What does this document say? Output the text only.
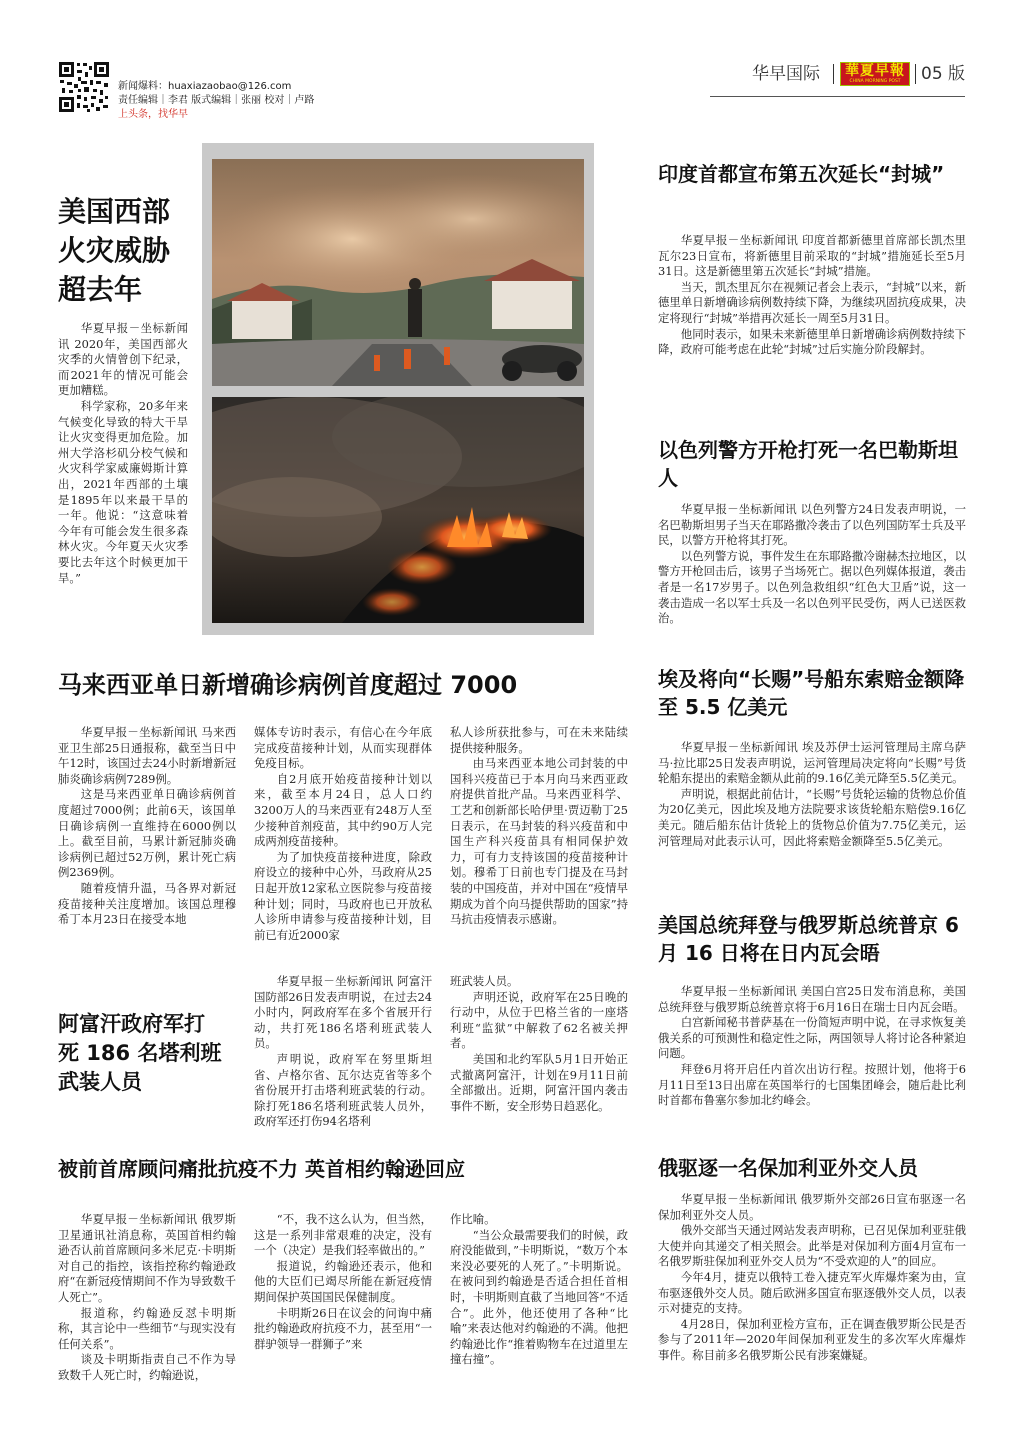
新闻爆料：huaxiazaobao@126.com
责任编辑｜李君 版式编辑｜张丽 校对｜卢路
上头条，找华早
华早国际 華夏早報
CHINA MORNING POST	05 版
美国西部
火灾威胁
超去年

华夏早报－坐标新闻讯 2020年，美国西部火灾季的火情曾创下纪录，而2021年的情况可能会更加糟糕。

科学家称，20多年来气候变化导致的特大干旱让火灾变得更加危险。加州大学洛杉矶分校气候和火灾科学家威廉姆斯计算出，2021年西部的土壤是1895年以来最干旱的一年。他说：“这意味着今年有可能会发生很多森林火灾。今年夏天火灾季要比去年这个时候更加干旱。”

印度首都宣布第五次延长“封城”

华夏早报－坐标新闻讯 印度首都新德里首席部长凯杰里瓦尔23日宣布，将新德里目前采取的“封城”措施延长至5月31日。这是新德里第五次延长“封城”措施。

当天，凯杰里瓦尔在视频记者会上表示，“封城”以来，新德里单日新增确诊病例数持续下降，为继续巩固抗疫成果，决定将现行“封城”举措再次延长一周至5月31日。

他同时表示，如果未来新德里单日新增确诊病例数持续下降，政府可能考虑在此轮“封城”过后实施分阶段解封。

以色列警方开枪打死一名巴勒斯坦人

华夏早报－坐标新闻讯 以色列警方24日发表声明说，一名巴勒斯坦男子当天在耶路撒冷袭击了以色列国防军士兵及平民，以警方开枪将其打死。

以色列警方说，事件发生在东耶路撒冷谢赫杰拉地区，以警方开枪回击后，该男子当场死亡。据以色列媒体报道，袭击者是一名17岁男子。以色列急救组织“红色大卫盾”说，这一袭击造成一名以军士兵及一名以色列平民受伤，两人已送医救治。

马来西亚单日新增确诊病例首度超过 7000

华夏早报－坐标新闻讯 马来西亚卫生部25日通报称，截至当日中午12时，该国过去24小时新增新冠肺炎确诊病例7289例。

这是马来西亚单日确诊病例首度超过7000例；此前6天，该国单日确诊病例一直维持在6000例以上。截至目前，马累计新冠肺炎确诊病例已超过52万例，累计死亡病例2369例。

随着疫情升温，马各界对新冠疫苗接种关注度增加。该国总理穆希丁本月23日在接受本地

媒体专访时表示，有信心在今年底完成疫苗接种计划，从而实现群体免疫目标。

自2月底开始疫苗接种计划以来，截至本月24日，总人口约3200万人的马来西亚有248万人至少接种首剂疫苗，其中约90万人完成两剂疫苗接种。

为了加快疫苗接种进度，除政府设立的接种中心外，马政府从25日起开放12家私立医院参与疫苗接种计划；同时，马政府也已开放私人诊所申请参与疫苗接种计划，目前已有近2000家

私人诊所获批参与，可在未来陆续提供接种服务。

由马来西亚本地公司封装的中国科兴疫苗已于本月向马来西亚政府提供首批产品。马来西亚科学、工艺和创新部长哈伊里·贾迈勒丁25日表示，在马封装的科兴疫苗和中国生产科兴疫苗具有相同保护效力，可有力支持该国的疫苗接种计划。穆希丁日前也专门提及在马封装的中国疫苗，并对中国在“疫情早期成为首个向马提供帮助的国家”持马抗击疫情表示感谢。

埃及将向“长赐”号船东索赔金额降至 5.5 亿美元

华夏早报－坐标新闻讯 埃及苏伊士运河管理局主席乌萨马·拉比耶25日发表声明说，运河管理局决定将向“长赐”号货轮船东提出的索赔金额从此前的9.16亿美元降至5.5亿美元。

声明说，根据此前估计，“长赐”号货轮运输的货物总价值为20亿美元，因此埃及地方法院要求该货轮船东赔偿9.16亿美元。随后船东估计货轮上的货物总价值为7.75亿美元，运河管理局对此表示认可，因此将索赔金额降至5.5亿美元。

阿富汗政府军打
死 186 名塔利班
武装人员

华夏早报－坐标新闻讯 阿富汗国防部26日发表声明说，在过去24小时内，阿政府军在多个省展开行动，共打死186名塔利班武装人员。

声明说，政府军在努里斯坦省、卢格尔省、瓦尔达克省等多个省份展开打击塔利班武装的行动。除打死186名塔利班武装人员外，政府军还打伤94名塔利

班武装人员。

声明还说，政府军在25日晚的行动中，从位于巴格兰省的一座塔利班“监狱”中解救了62名被关押者。

美国和北约军队5月1日开始正式撤离阿富汗，计划在9月11日前全部撤出。近期，阿富汗国内袭击事件不断，安全形势日趋恶化。

美国总统拜登与俄罗斯总统普京 6 月 16 日将在日内瓦会晤

华夏早报－坐标新闻讯 美国白宫25日发布消息称，美国总统拜登与俄罗斯总统普京将于6月16日在瑞士日内瓦会晤。

白宫新闻秘书普萨基在一份简短声明中说，在寻求恢复美俄关系的可预测性和稳定性之际，两国领导人将讨论各种紧迫问题。

拜登6月将开启任内首次出访行程。按照计划，他将于6月11日至13日出席在英国举行的七国集团峰会，随后赴比利时首都布鲁塞尔参加北约峰会。

被前首席顾问痛批抗疫不力 英首相约翰逊回应

华夏早报－坐标新闻讯 俄罗斯卫星通讯社消息称，英国首相约翰逊否认前首席顾问多米尼克·卡明斯对自己的指控，该指控称约翰逊政府“在新冠疫情期间不作为导致数千人死亡”。

报道称，约翰逊反怼卡明斯称，其言论中一些细节“与现实没有任何关系”。

谈及卡明斯指责自己不作为导致数千人死亡时，约翰逊说，

“不，我不这么认为，但当然，这是一系列非常艰难的决定，没有一个（决定）是我们轻率做出的。”

报道说，约翰逊还表示，他和他的大臣们已竭尽所能在新冠疫情期间保护英国国民保健制度。

卡明斯26日在议会的问询中痛批约翰逊政府抗疫不力，甚至用“一群驴领导一群狮子”来

作比喻。

“当公众最需要我们的时候，政府没能做到，”卡明斯说，“数万个本来没必要死的人死了。”卡明斯说。在被问到约翰逊是否适合担任首相时，卡明斯则直截了当地回答“不适合”。此外，他还使用了各种“比喻”来表达他对约翰逊的不满。他把约翰逊比作“推着购物车在过道里左撞右撞”。

俄驱逐一名保加利亚外交人员

华夏早报－坐标新闻讯 俄罗斯外交部26日宣布驱逐一名保加利亚外交人员。

俄外交部当天通过网站发表声明称，已召见保加利亚驻俄大使并向其递交了相关照会。此举是对保加利方面4月宣布一名俄罗斯驻保加利亚外交人员为“不受欢迎的人”的回应。

今年4月，捷克以俄特工卷入捷克军火库爆炸案为由，宣布驱逐俄外交人员。随后欧洲多国宣布驱逐俄外交人员，以表示对捷克的支持。

4月28日，保加利亚检方宣布，正在调查俄罗斯公民是否参与了2011年—2020年间保加利亚发生的多次军火库爆炸事件。称目前多名俄罗斯公民有涉案嫌疑。
